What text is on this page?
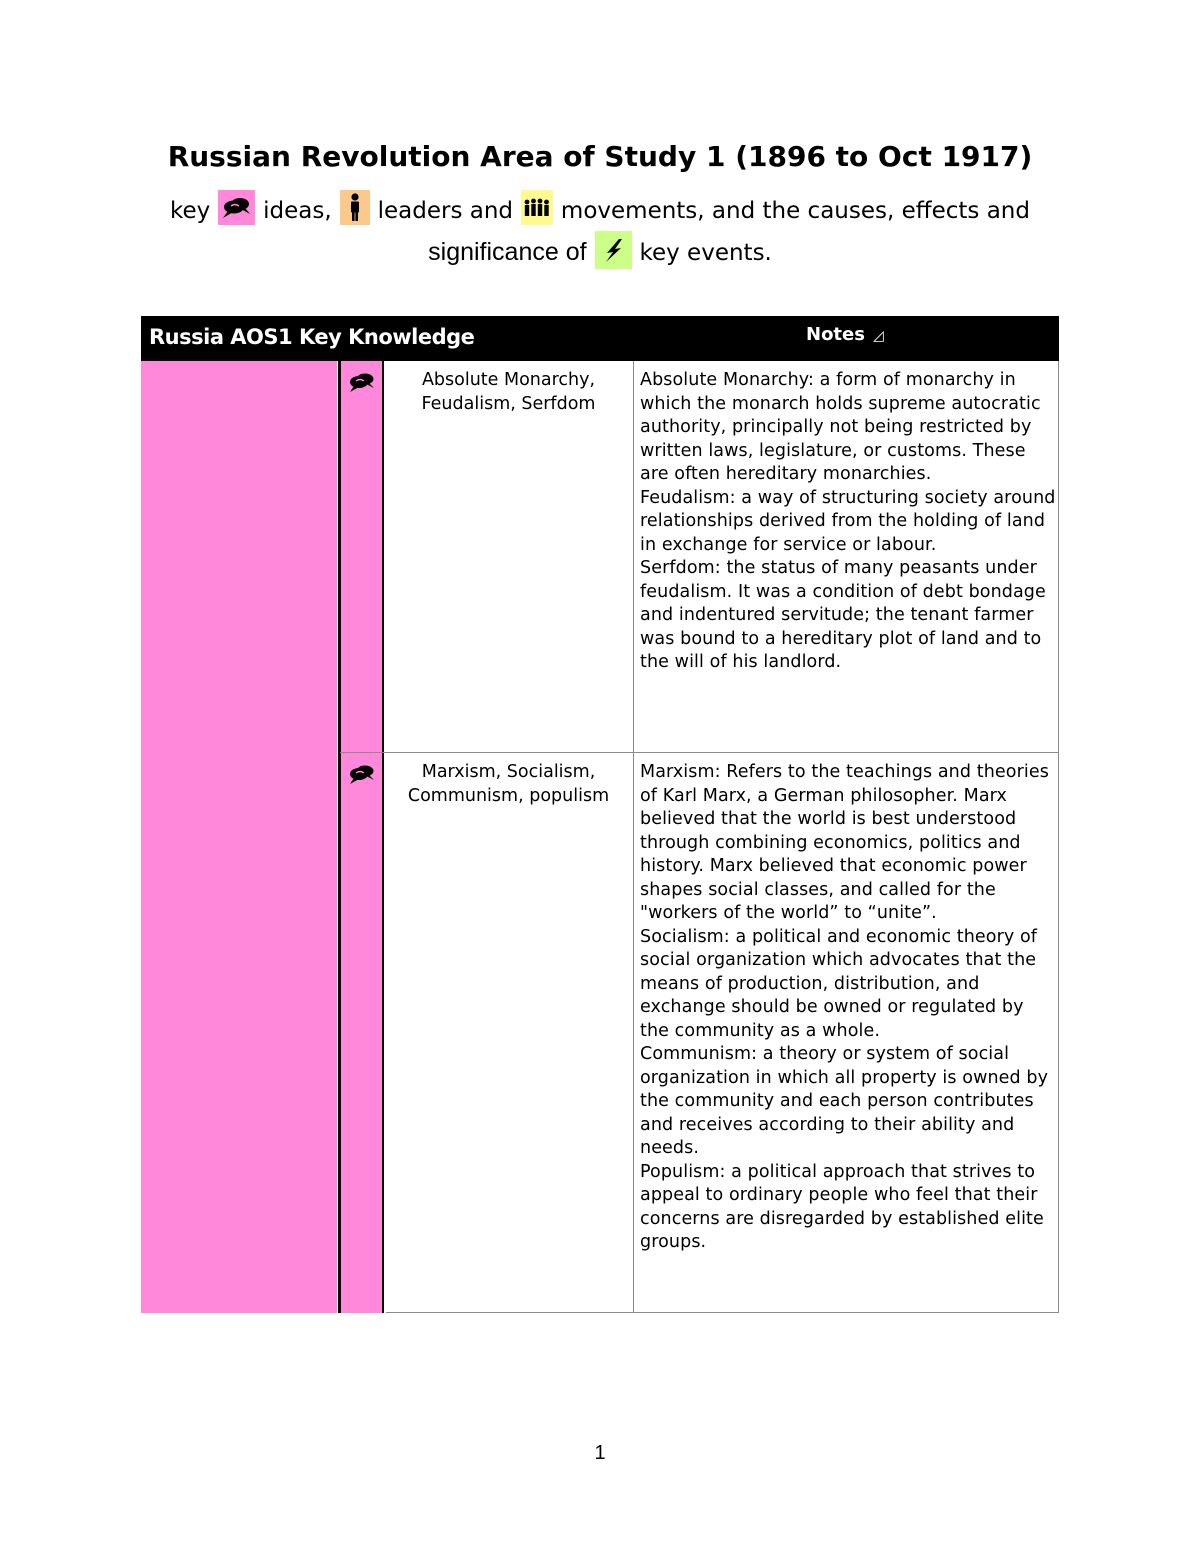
Russian Revolution Area of Study 1 (1896 to Oct 1917)
key ideas, leaders and movements, and the causes, effects and
significance of key events.
Russia AOS1 Key Knowledge	Notes ◿
Absolute Monarchy, Feudalism, Serfdom
Absolute Monarchy: a form of monarchy in which the monarch holds supreme autocratic authority, principally not being restricted by written laws, legislature, or customs. These are often hereditary monarchies.
Feudalism: a way of structuring society around relationships derived from the holding of land in exchange for service or labour.
Serfdom: the status of many peasants under feudalism. It was a condition of debt bondage and indentured servitude; the tenant farmer was bound to a hereditary plot of land and to the will of his landlord.
Marxism, Socialism, Communism, populism
Marxism: Refers to the teachings and theories of Karl Marx, a German philosopher. Marx believed that the world is best understood through combining economics, politics and history. Marx believed that economic power shapes social classes, and called for the "workers of the world” to “unite”.
Socialism: a political and economic theory of social organization which advocates that the means of production, distribution, and exchange should be owned or regulated by the community as a whole.
Communism: a theory or system of social organization in which all property is owned by the community and each person contributes and receives according to their ability and needs.
Populism: a political approach that strives to appeal to ordinary people who feel that their concerns are disregarded by established elite groups.
1
